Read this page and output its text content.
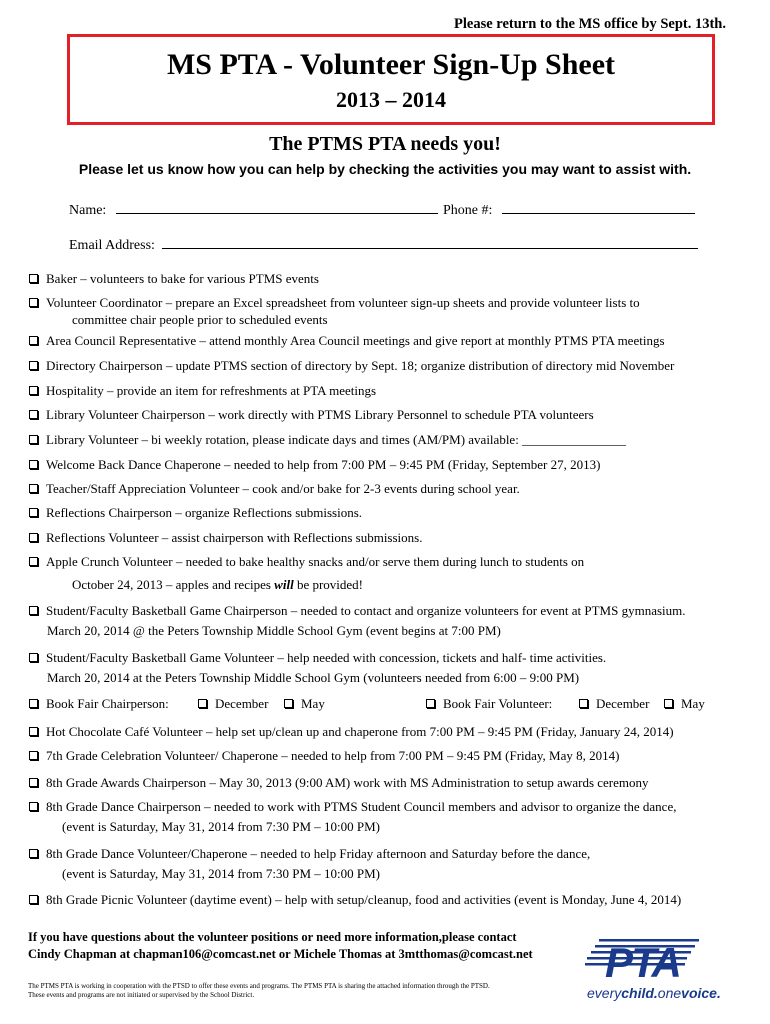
Please return to the MS office by Sept. 13th.
MS PTA - Volunteer Sign-Up Sheet
2013 – 2014
The PTMS PTA needs you!
Please let us know how you can help by checking the activities you may want to assist with.
Name:	Phone #:
Email Address:
Baker – volunteers to bake for various PTMS events
Volunteer Coordinator – prepare an Excel spreadsheet from volunteer sign-up sheets and provide volunteer lists to
committee chair people prior to scheduled events
Area Council Representative – attend monthly Area Council meetings and give report at monthly PTMS PTA meetings
Directory Chairperson – update PTMS section of directory by Sept. 18; organize distribution of directory mid November
Hospitality – provide an item for refreshments at PTA meetings
Library Volunteer Chairperson – work directly with PTMS Library Personnel to schedule PTA volunteers
Library Volunteer – bi weekly rotation, please indicate days and times (AM/PM) available: ________________
Welcome Back Dance Chaperone – needed to help from 7:00 PM – 9:45 PM (Friday, September 27, 2013)
Teacher/Staff Appreciation Volunteer – cook and/or bake for 2-3 events during school year.
Reflections Chairperson – organize Reflections submissions.
Reflections Volunteer – assist chairperson with Reflections submissions.
Apple Crunch Volunteer – needed to bake healthy snacks and/or serve them during lunch to students on
October 24, 2013 – apples and recipes will be provided!
Student/Faculty Basketball Game Chairperson – needed to contact and organize volunteers for event at PTMS gymnasium.
March 20, 2014 @ the Peters Township Middle School Gym (event begins at 7:00 PM)
Student/Faculty Basketball Game Volunteer – help needed with concession, tickets and half- time activities.
March 20, 2014 at the Peters Township Middle School Gym (volunteers needed from 6:00 – 9:00 PM)
Book Fair Chairperson:	December	May	Book Fair Volunteer:	December	May
Hot Chocolate Café Volunteer – help set up/clean up and chaperone from 7:00 PM – 9:45 PM (Friday, January 24, 2014)
7th Grade Celebration Volunteer/ Chaperone – needed to help from 7:00 PM – 9:45 PM (Friday, May 8, 2014)
8th Grade Awards Chairperson – May 30, 2013 (9:00 AM) work with MS Administration to setup awards ceremony
8th Grade Dance Chairperson – needed to work with PTMS Student Council members and advisor to organize the dance,
(event is Saturday, May 31, 2014 from 7:30 PM – 10:00 PM)
8th Grade Dance Volunteer/Chaperone – needed to help Friday afternoon and Saturday before the dance,
(event is Saturday, May 31, 2014 from 7:30 PM – 10:00 PM)
8th Grade Picnic Volunteer (daytime event) – help with setup/cleanup, food and activities (event is Monday, June 4, 2014)
If you have questions about the volunteer positions or need more information,please contact
Cindy Chapman at chapman106@comcast.net or Michele Thomas at 3mtthomas@comcast.net
The PTMS PTA is working in cooperation with the PTSD to offer these events and programs. The PTMS PTA is sharing the attached information through the PTSD.
These events and programs are not initiated or supervised by the School District.
PTA
everychild.onevoice.
